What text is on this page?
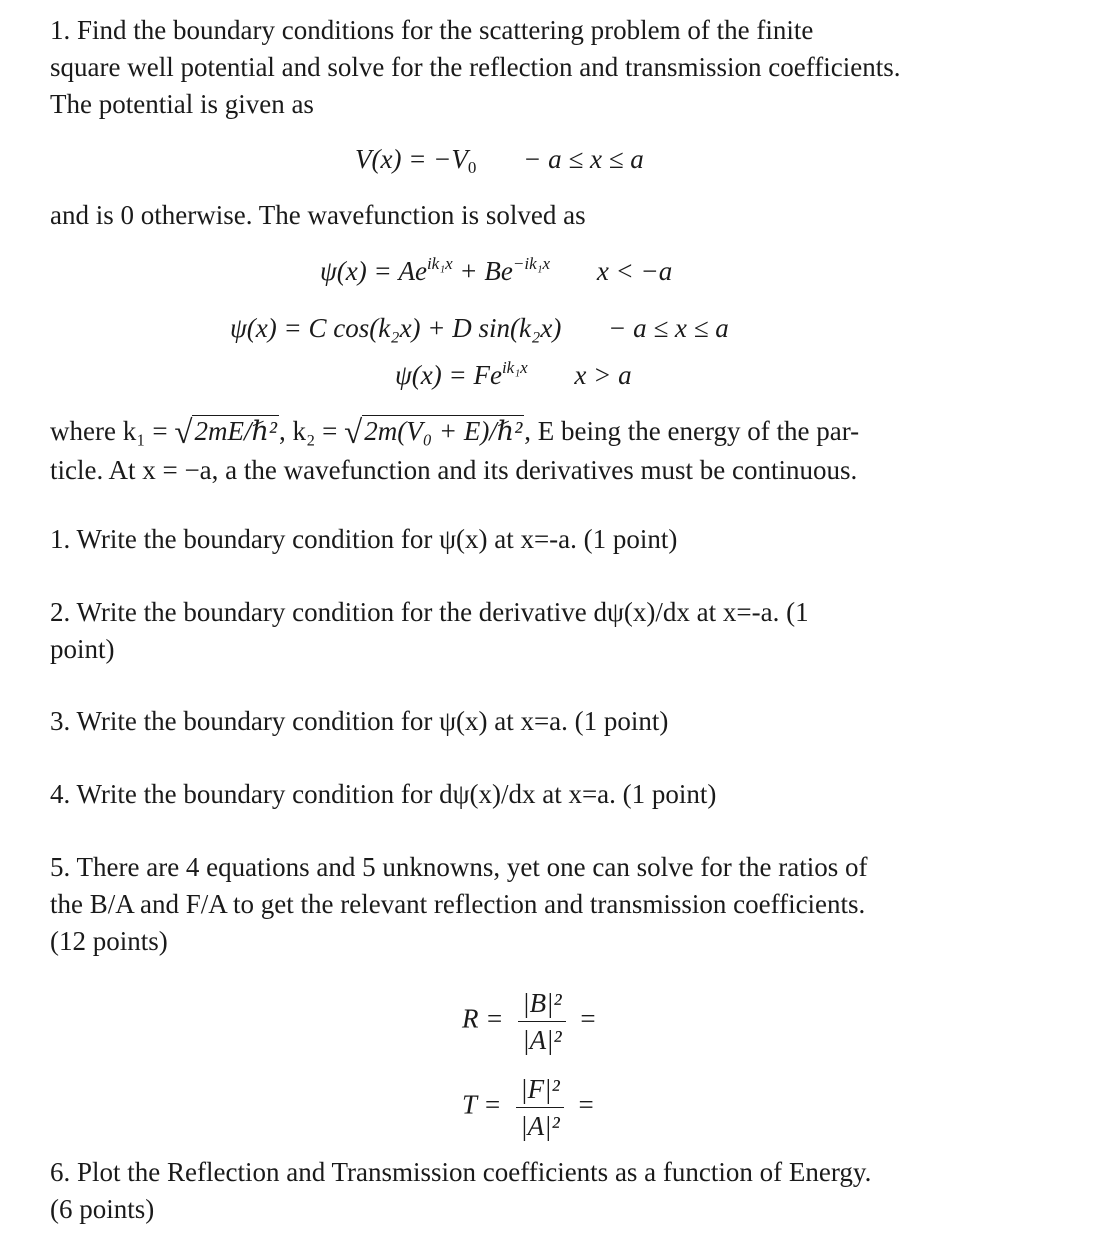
1. Find the boundary conditions for the scattering problem of the finite
square well potential and solve for the reflection and transmission coefficients.
The potential is given as
$V(x) = -V_0 - a \le x \le a$
and is 0 otherwise. The wavefunction is solved as
$\psi(x) = Ae^{ik_1x} + Be^{-ik_1x}$ x < −a
ψ(x) = C cos(k₂x) + D sin(k₂x) − a ≤ x ≤ a
$\psi(x) = Fe^{ik_1x}$ x > a
where k₁ = √2mE/ℏ², k₂ = √2m(V₀ + E)/ℏ², E being the energy of the par-
ticle. At x = −a, a the wavefunction and its derivatives must be continuous.
1. Write the boundary condition for ψ(x) at x=-a. (1 point)
2. Write the boundary condition for the derivative dψ(x)/dx at x=-a. (1
point)
3. Write the boundary condition for ψ(x) at x=a. (1 point)
4. Write the boundary condition for dψ(x)/dx at x=a. (1 point)
5. There are 4 equations and 5 unknowns, yet one can solve for the ratios of
the B/A and F/A to get the relevant reflection and transmission coefficients.
(12 points)
$R = \frac{\text{|B|²}}{\text{|A|²}}$ =
$T = \frac{\text{|F|²}}{\text{|A|²}}$ =
6. Plot the Reflection and Transmission coefficients as a function of Energy.
(6 points)
